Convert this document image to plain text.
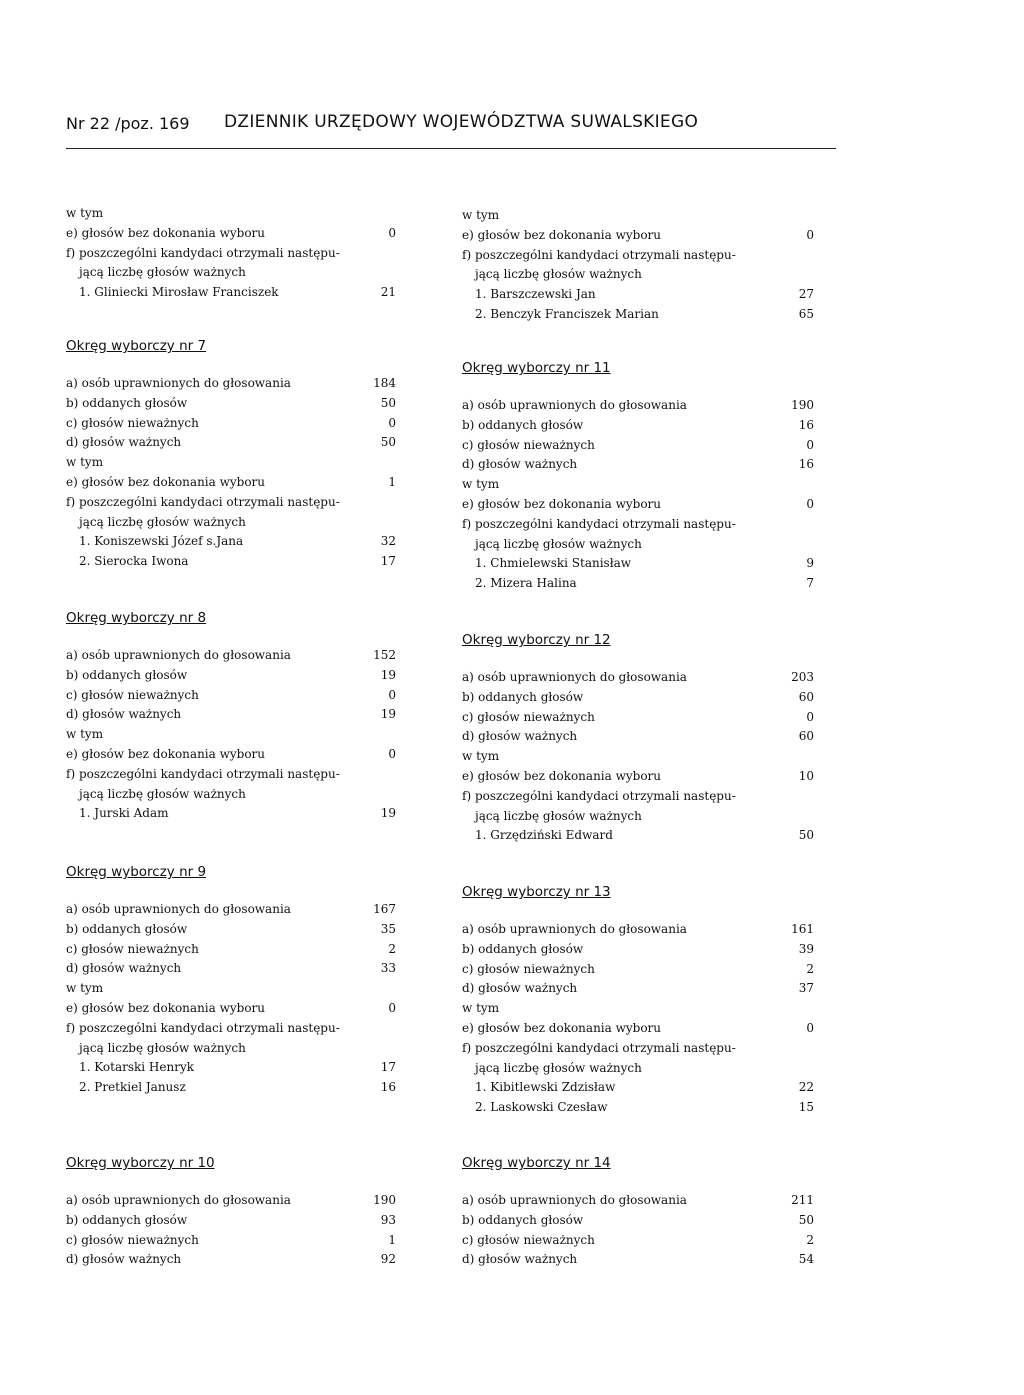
Nr 22 /poz. 169 DZIENNIK URZĘDOWY WOJEWÓDZTWA SUWALSKIEGO
w tym
e) głosów bez dokonania wyboru	0
f) poszczególni kandydaci otrzymali następu-
jącą liczbę głosów ważnych
1. Gliniecki Mirosław Franciszek	21
Okręg wyborczy nr 7
a) osób uprawnionych do głosowania	184
b) oddanych głosów	50
c) głosów nieważnych	0
d) głosów ważnych	50
w tym
e) głosów bez dokonania wyboru	1
f) poszczególni kandydaci otrzymali następu-
jącą liczbę głosów ważnych
1. Koniszewski Józef s.Jana	32
2. Sierocka Iwona	17
Okręg wyborczy nr 8
a) osób uprawnionych do głosowania	152
b) oddanych głosów	19
c) głosów nieważnych	0
d) głosów ważnych	19
w tym
e) głosów bez dokonania wyboru	0
f) poszczególni kandydaci otrzymali następu-
jącą liczbę głosów ważnych
1. Jurski Adam	19
Okręg wyborczy nr 9
a) osób uprawnionych do głosowania	167
b) oddanych głosów	35
c) głosów nieważnych	2
d) głosów ważnych	33
w tym
e) głosów bez dokonania wyboru	0
f) poszczególni kandydaci otrzymali następu-
jącą liczbę głosów ważnych
1. Kotarski Henryk	17
2. Pretkiel Janusz	16
Okręg wyborczy nr 10
a) osób uprawnionych do głosowania	190
b) oddanych głosów	93
c) głosów nieważnych	1
d) głosów ważnych	92
w tym
e) głosów bez dokonania wyboru	0
f) poszczególni kandydaci otrzymali następu-
jącą liczbę głosów ważnych
1. Barszczewski Jan	27
2. Benczyk Franciszek Marian	65
Okręg wyborczy nr 11
a) osób uprawnionych do głosowania	190
b) oddanych głosów	16
c) głosów nieważnych	0
d) głosów ważnych	16
w tym
e) głosów bez dokonania wyboru	0
f) poszczególni kandydaci otrzymali następu-
jącą liczbę głosów ważnych
1. Chmielewski Stanisław	9
2. Mizera Halina	7
Okręg wyborczy nr 12
a) osób uprawnionych do głosowania	203
b) oddanych głosów	60
c) głosów nieważnych	0
d) głosów ważnych	60
w tym
e) głosów bez dokonania wyboru	10
f) poszczególni kandydaci otrzymali następu-
jącą liczbę głosów ważnych
1. Grzędziński Edward	50
Okręg wyborczy nr 13
a) osób uprawnionych do głosowania	161
b) oddanych głosów	39
c) głosów nieważnych	2
d) głosów ważnych	37
w tym
e) głosów bez dokonania wyboru	0
f) poszczególni kandydaci otrzymali następu-
jącą liczbę głosów ważnych
1. Kibitlewski Zdzisław	22
2. Laskowski Czesław	15
Okręg wyborczy nr 14
a) osób uprawnionych do głosowania	211
b) oddanych głosów	50
c) głosów nieważnych	2
d) głosów ważnych	54
